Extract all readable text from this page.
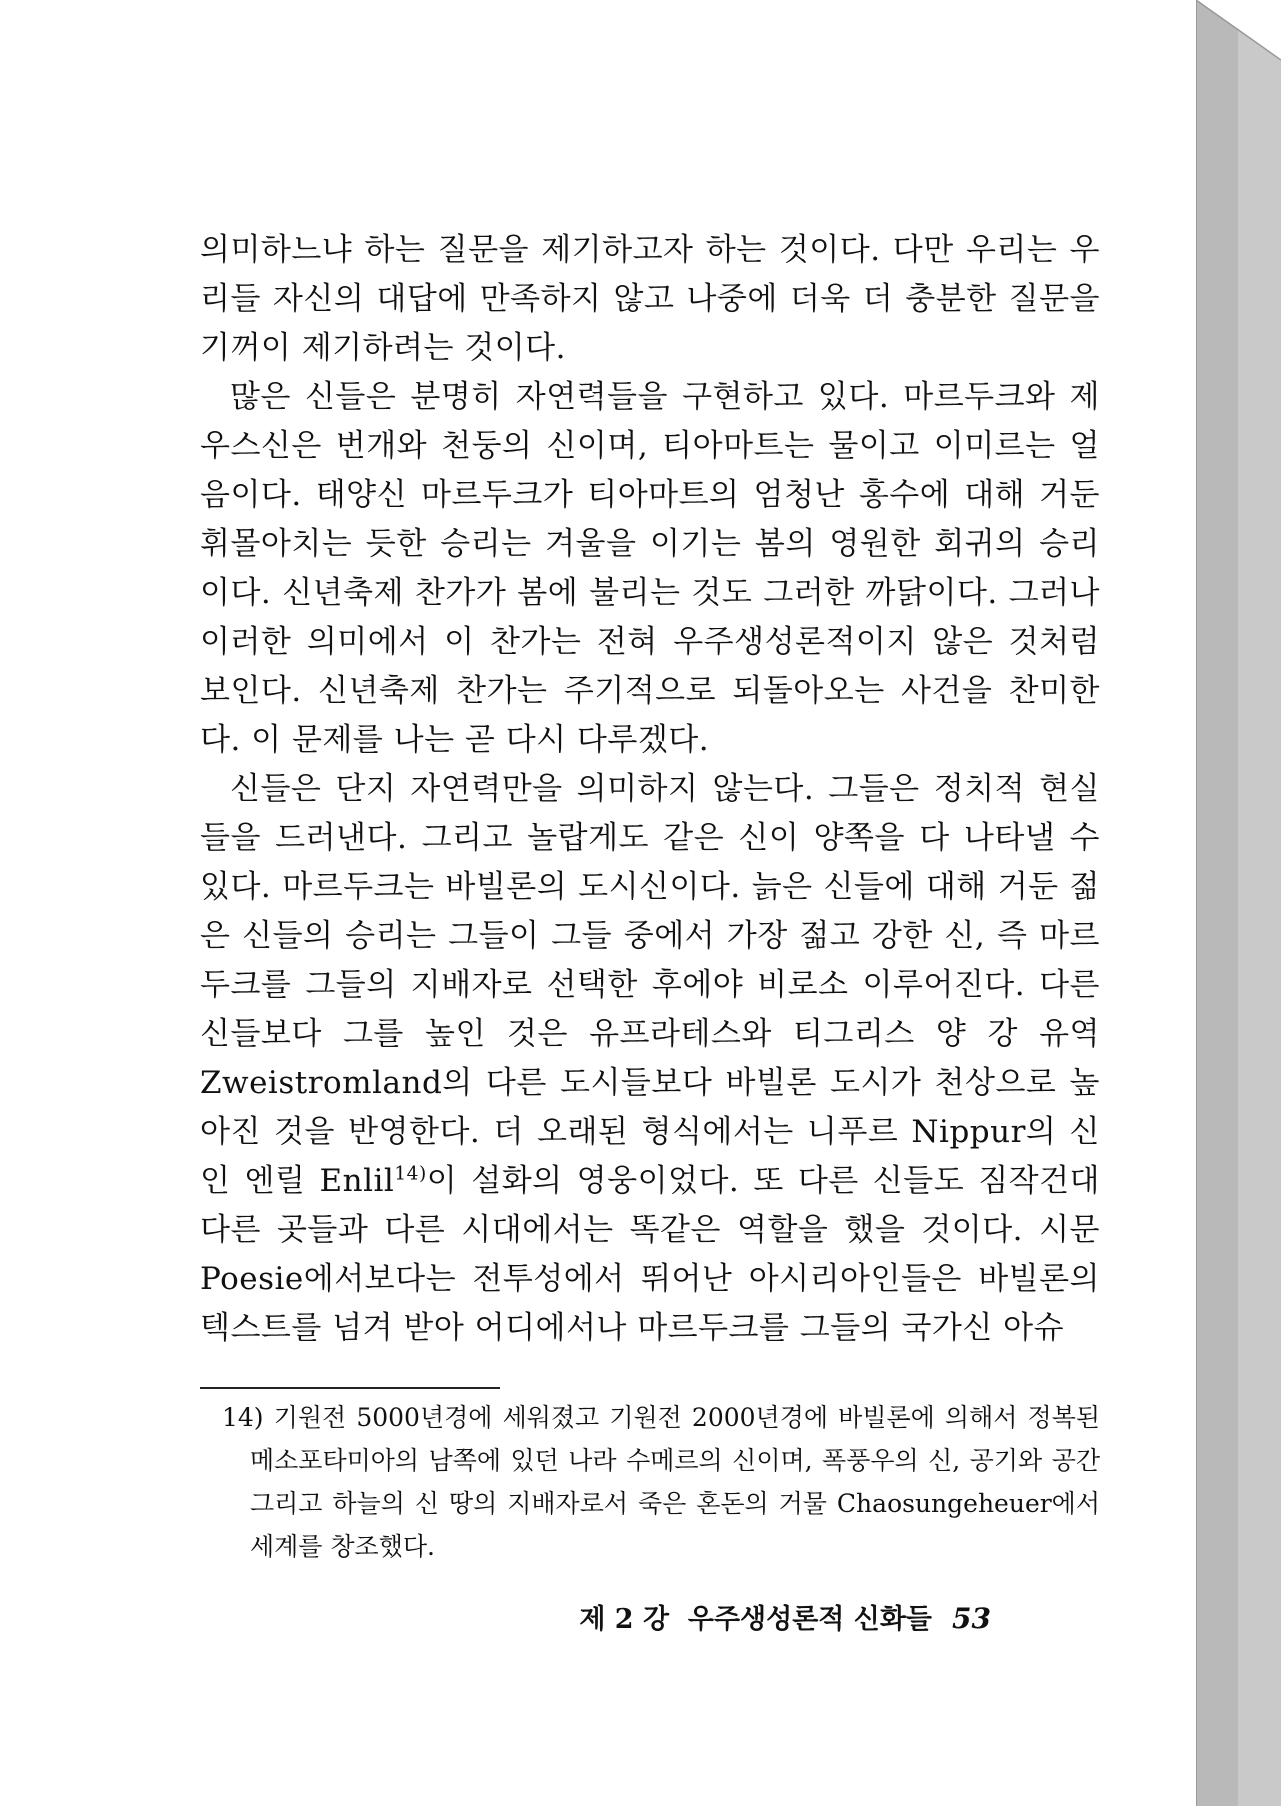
의미하느냐 하는 질문을 제기하고자 하는 것이다. 다만 우리는 우리들 자신의 대답에 만족하지 않고 나중에 더욱 더 충분한 질문을 기꺼이 제기하려는 것이다.

많은 신들은 분명히 자연력들을 구현하고 있다. 마르두크와 제우스신은 번개와 천둥의 신이며, 티아마트는 물이고 이미르는 얼음이다. 태양신 마르두크가 티아마트의 엄청난 홍수에 대해 거둔 휘몰아치는 듯한 승리는 겨울을 이기는 봄의 영원한 회귀의 승리이다. 신년축제 찬가가 봄에 불리는 것도 그러한 까닭이다. 그러나 이러한 의미에서 이 찬가는 전혀 우주생성론적이지 않은 것처럼 보인다. 신년축제 찬가는 주기적으로 되돌아오는 사건을 찬미한다. 이 문제를 나는 곧 다시 다루겠다.

신들은 단지 자연력만을 의미하지 않는다. 그들은 정치적 현실들을 드러낸다. 그리고 놀랍게도 같은 신이 양쪽을 다 나타낼 수 있다. 마르두크는 바빌론의 도시신이다. 늙은 신들에 대해 거둔 젊은 신들의 승리는 그들이 그들 중에서 가장 젊고 강한 신, 즉 마르두크를 그들의 지배자로 선택한 후에야 비로소 이루어진다. 다른 신들보다 그를 높인 것은 유프라테스와 티그리스 양 강 유역 Zweistromland의 다른 도시들보다 바빌론 도시가 천상으로 높아진 것을 반영한다. 더 오래된 형식에서는 니푸르 Nippur의 신인 엔릴 Enlil$^{14)}$이 설화의 영웅이었다. 또 다른 신들도 짐작건대 다른 곳들과 다른 시대에서는 똑같은 역할을 했을 것이다. 시문 Poesie에서보다는 전투성에서 뛰어난 아시리아인들은 바빌론의 텍스트를 넘겨 받아 어디에서나 마르두크를 그들의 국가신 아슈

14) 기원전 5000년경에 세워졌고 기원전 2000년경에 바빌론에 의해서 정복된 메소포타미아의 남쪽에 있던 나라 수메르의 신이며, 폭풍우의 신, 공기와 공간 그리고 하늘의 신 땅의 지배자로서 죽은 혼돈의 거물 Chaosungeheuer에서 세계를 창조했다.

제 2 강  우주생성론적 신화들 53
